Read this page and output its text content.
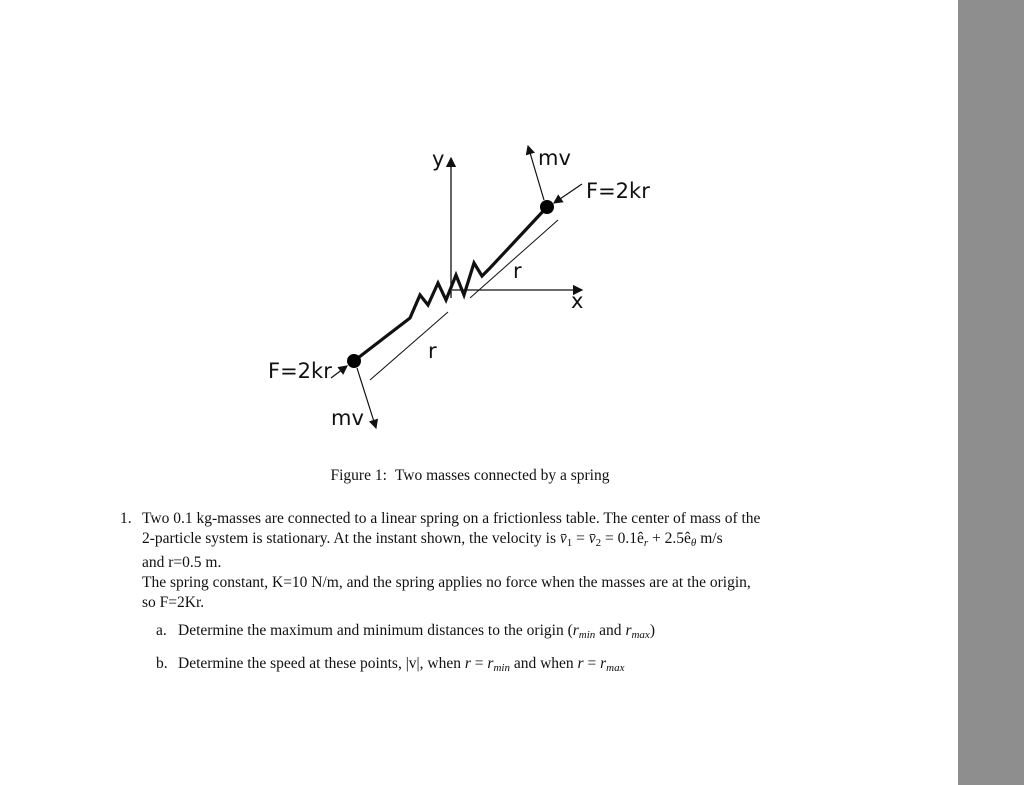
y
x
mv
F=2kr
r
r
F=2kr
mv
Figure 1: Two masses connected by a spring
1. Two 0.1 kg-masses are connected to a linear spring on a frictionless table. The center of mass of the

2-particle system is stationary. At the instant shown, the velocity is v̄1 = v̄2 = $0.1ê_r$ + $2.5ê_\theta$ m/s

and r=0.5 m.

The spring constant, K=10 N/m, and the spring applies no force when the masses are at the origin,

so F=2Kr.

a. Determine the maximum and minimum distances to the origin ($r_{min}$ and $r_{max}$)
b. Determine the speed at these points, |v|, when $r = r_{min}$ and when $r = r_{max}$
